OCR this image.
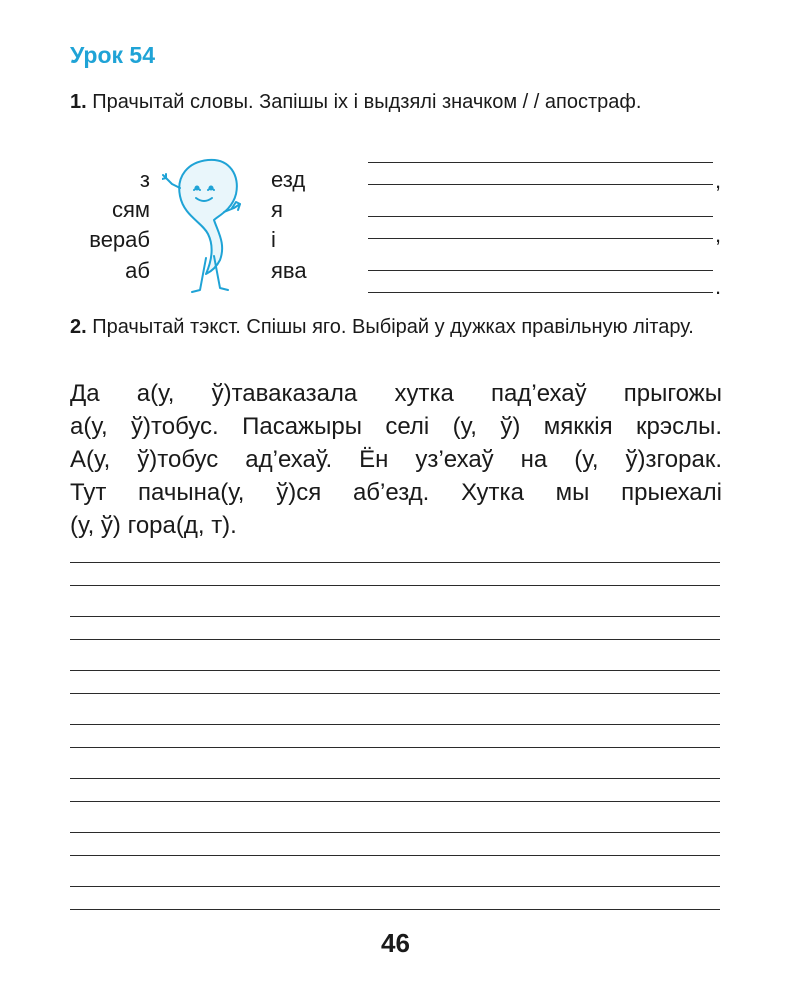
Урок 54
1. Прачытай словы. Запішы іх і выдзялі значком / / апостраф.
з
сям
вераб
аб
езд
я
і
ява
,
,
.
2. Прачытай тэкст. Спішы яго. Выбірай у дужках правільную літару.
Да а(у, ў)таваказала хутка пад’ехаў прыгожы
а(у, ў)тобус. Пасажыры селі (у, ў) мяккія крэслы.
А(у, ў)тобус ад’ехаў. Ён уз’ехаў на (у, ў)згорак.
Тут пачына(у, ў)ся аб’езд. Хутка мы прыехалі
(у, ў) гора(д, т).
46
